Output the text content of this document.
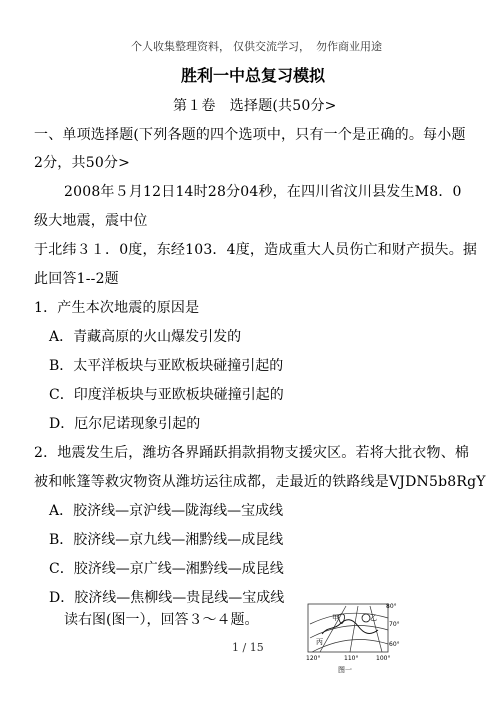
个人收集整理资料， 仅供交流学习， 勿作商业用途
胜利一中总复习模拟
第１卷　选择题(共50分>
一、单项选择题(下列各题的四个选项中，只有一个是正确的。每小题
2分，共50分>
2008年５月12日14时28分04秒，在四川省汶川县发生M8．0
级大地震，震中位
于北纬３１．0度，东经103．4度，造成重大人员伤亡和财产损失。据
此回答1--2题
1．产生本次地震的原因是
A．青藏高原的火山爆发引发的
B．太平洋板块与亚欧板块碰撞引起的
C．印度洋板块与亚欧板块碰撞引起的
D．厄尔尼诺现象引起的
2．地震发生后，潍坊各界踊跃捐款捐物支援灾区。若将大批衣物、棉
被和帐篷等救灾物资从潍坊运往成都，走最近的铁路线是VJDN5b8RgY
A．胶济线—京沪线—陇海线—宝成线
B．胶济线—京九线—湘黔线—成昆线
C．胶济线—京广线—湘黔线—成昆线
D．胶济线—焦柳线—贵昆线—宝成线
读右图(图一），回答３～４题。
1 / 15
甲	乙
丙
80°
70°
60°
120°	110°	100°
图一
